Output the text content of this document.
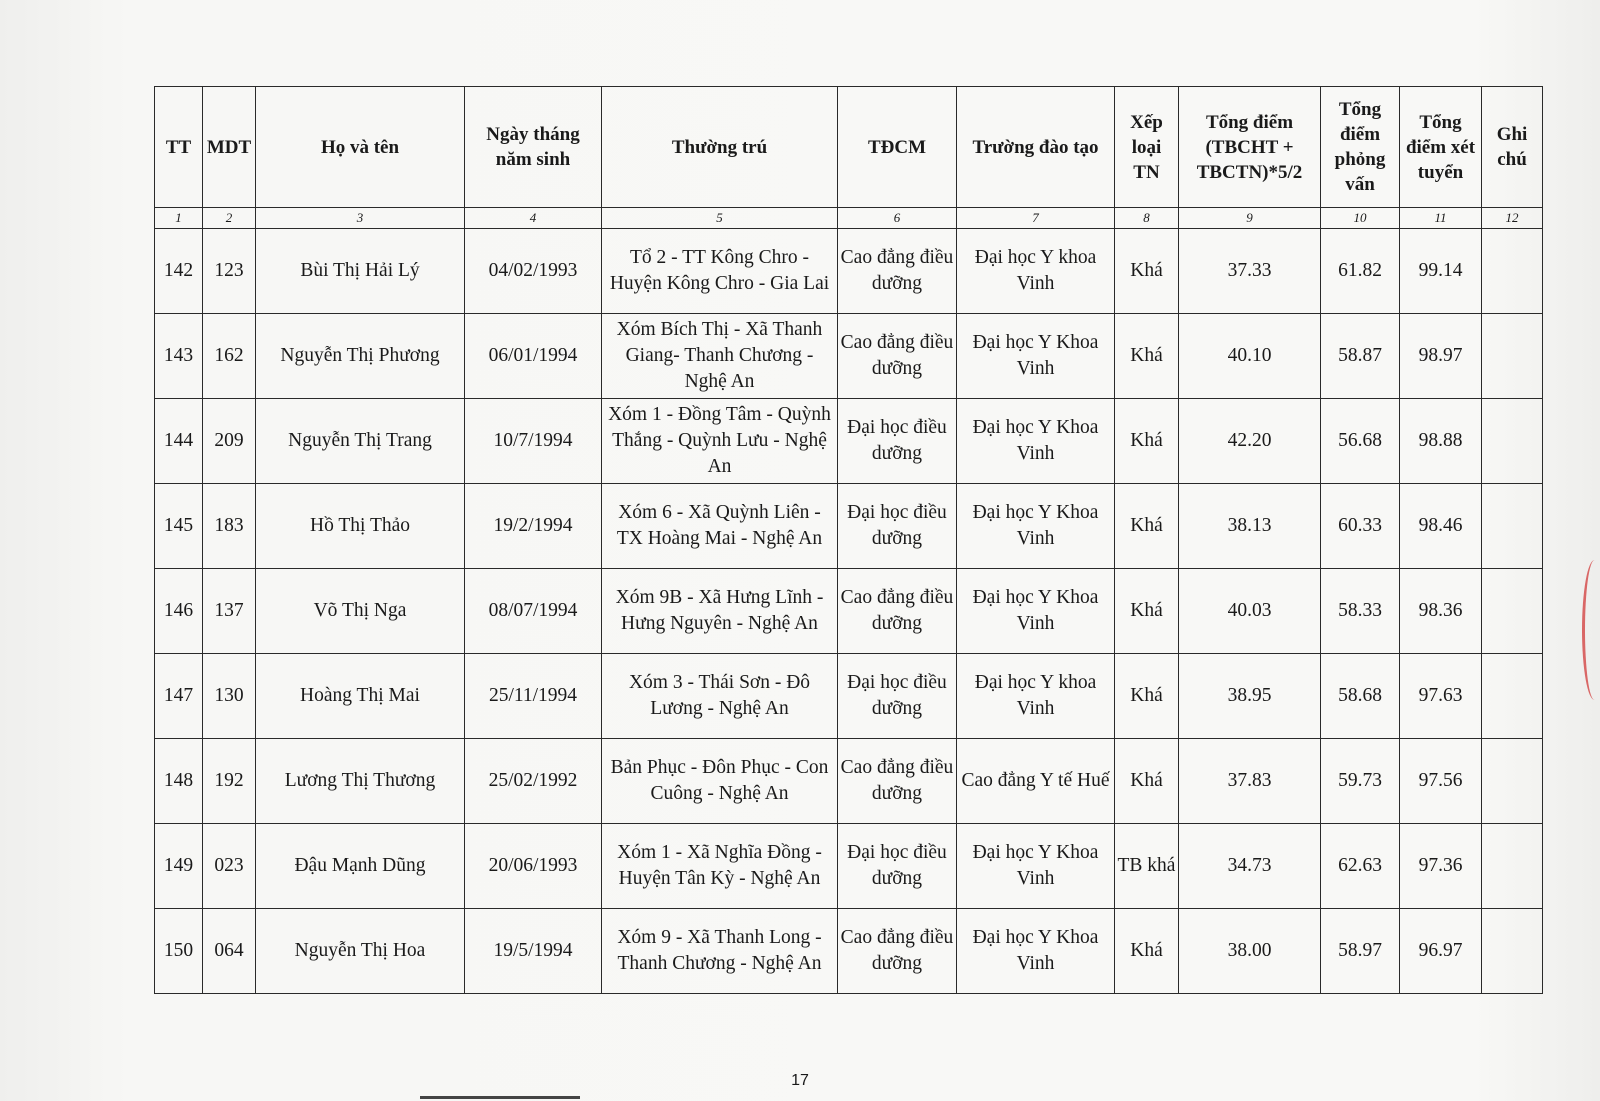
TT	MDT	Họ và tên	Ngày tháng năm sinh	Thường trú	TĐCM	Trường đào tạo	Xếp loại TN	Tổng điểm (TBCHT + TBCTN)*5/2	Tổng điểm phỏng vấn	Tổng điểm xét tuyển	Ghi chú
1	2	3	4	5	6	7	8	9	10	11	12
142	123	Bùi Thị Hải Lý	04/02/1993	Tổ 2 - TT Kông Chro - Huyện Kông Chro - Gia Lai	Cao đẳng điều dưỡng	Đại học Y khoa Vinh	Khá	37.33	61.82	99.14	
143	162	Nguyễn Thị Phương	06/01/1994	Xóm Bích Thị - Xã Thanh Giang- Thanh Chương - Nghệ An	Cao đẳng điều dưỡng	Đại học Y Khoa Vinh	Khá	40.10	58.87	98.97	
144	209	Nguyễn Thị Trang	10/7/1994	Xóm 1 - Đồng Tâm - Quỳnh Thắng - Quỳnh Lưu - Nghệ An	Đại học điều dưỡng	Đại học Y Khoa Vinh	Khá	42.20	56.68	98.88	
145	183	Hồ Thị Thảo	19/2/1994	Xóm 6 - Xã Quỳnh Liên - TX Hoàng Mai - Nghệ An	Đại học điều dưỡng	Đại học Y Khoa Vinh	Khá	38.13	60.33	98.46	
146	137	Võ Thị Nga	08/07/1994	Xóm 9B - Xã Hưng Lĩnh - Hưng Nguyên - Nghệ An	Cao đẳng điều dưỡng	Đại học Y Khoa Vinh	Khá	40.03	58.33	98.36	
147	130	Hoàng Thị Mai	25/11/1994	Xóm 3 - Thái Sơn - Đô Lương - Nghệ An	Đại học điều dưỡng	Đại học Y khoa Vinh	Khá	38.95	58.68	97.63	
148	192	Lương Thị Thương	25/02/1992	Bản Phục - Đôn Phục - Con Cuông - Nghệ An	Cao đẳng điều dưỡng	Cao đẳng Y tế Huế	Khá	37.83	59.73	97.56	
149	023	Đậu Mạnh Dũng	20/06/1993	Xóm 1 - Xã Nghĩa Đồng - Huyện Tân Kỳ - Nghệ An	Đại học điều dưỡng	Đại học Y Khoa Vinh	TB khá	34.73	62.63	97.36	
150	064	Nguyễn Thị Hoa	19/5/1994	Xóm 9 - Xã Thanh Long - Thanh Chương - Nghệ An	Cao đẳng điều dưỡng	Đại học Y Khoa Vinh	Khá	38.00	58.97	96.97	
17
